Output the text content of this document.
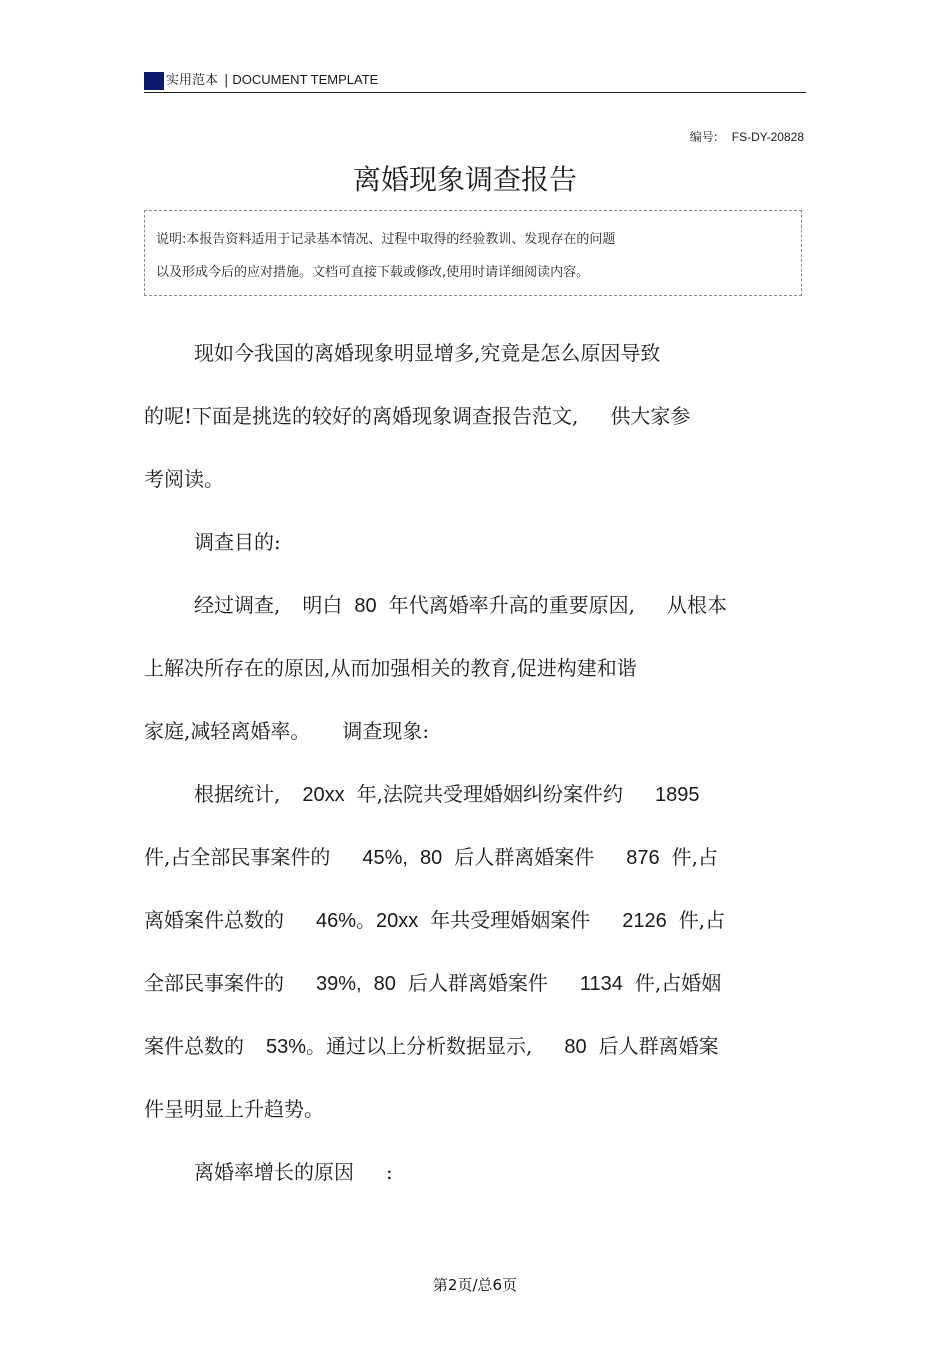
实用范本 | DOCUMENT TEMPLATE
编号: FS-DY-20828
离婚现象调查报告

说明:本报告资料适用于记录基本情况、过程中取得的经验教训、发现存在的问题

以及形成今后的应对措施。文档可直接下载或修改,使用时请详细阅读内容。

现如今我国的离婚现象明显增多,究竟是怎么原因导致
的呢!下面是挑选的较好的离婚现象调查报告范文, 供大家参
考阅读。
调查目的:
经过调查, 明白 80 年代离婚率升高的重要原因, 从根本
上解决所存在的原因,从而加强相关的教育,促进构建和谐
家庭,减轻离婚率。 调查现象:
根据统计, 20xx 年,法院共受理婚姻纠纷案件约 1895
件,占全部民事案件的 45%, 80 后人群离婚案件 876 件,占
离婚案件总数的 46%。20xx 年共受理婚姻案件 2126 件,占
全部民事案件的 39%, 80 后人群离婚案件 1134 件,占婚姻
案件总数的 53%。通过以上分析数据显示, 80 后人群离婚案
件呈明显上升趋势。
离婚率增长的原因 :
第2页/总6页
